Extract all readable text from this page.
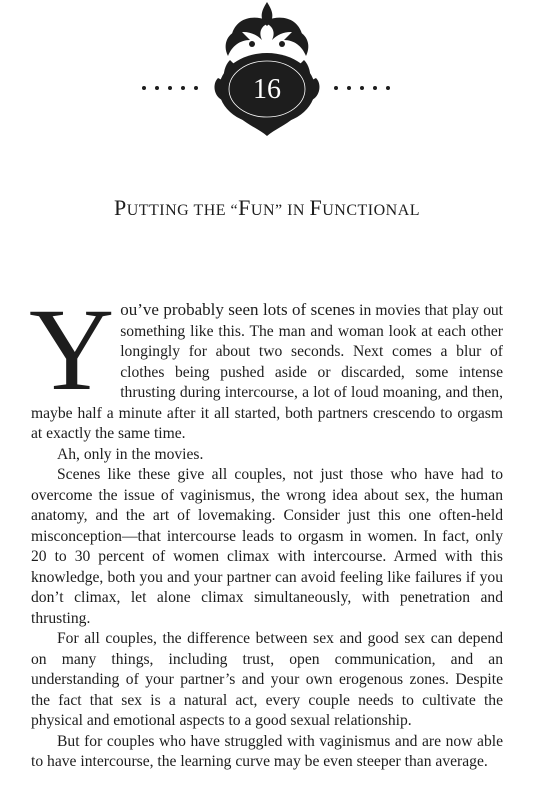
16
PUTTING THE “FUN” IN FUNCTIONAL

You’ve probably seen lots of scenes in movies that play out something like this. The man and woman look at each other longingly for about two seconds. Next comes a blur of clothes being pushed aside or discarded, some intense thrusting during intercourse, a lot of loud moaning, and then, maybe half a minute after it all started, both partners crescendo to orgasm at exactly the same time.

Ah, only in the movies.

Scenes like these give all couples, not just those who have had to overcome the issue of vaginismus, the wrong idea about sex, the human anatomy, and the art of lovemaking. Consider just this one often-held misconception—that intercourse leads to orgasm in women. In fact, only 20 to 30 percent of women climax with intercourse. Armed with this knowledge, both you and your partner can avoid feeling like failures if you don’t climax, let alone climax simultaneously, with penetration and thrusting.

For all couples, the difference between sex and good sex can depend on many things, including trust, open communication, and an understanding of your partner’s and your own erogenous zones. Despite the fact that sex is a natural act, every couple needs to cultivate the physical and emotional aspects to a good sexual relationship.

But for couples who have struggled with vaginismus and are now able to have intercourse, the learning curve may be even steeper than average.
